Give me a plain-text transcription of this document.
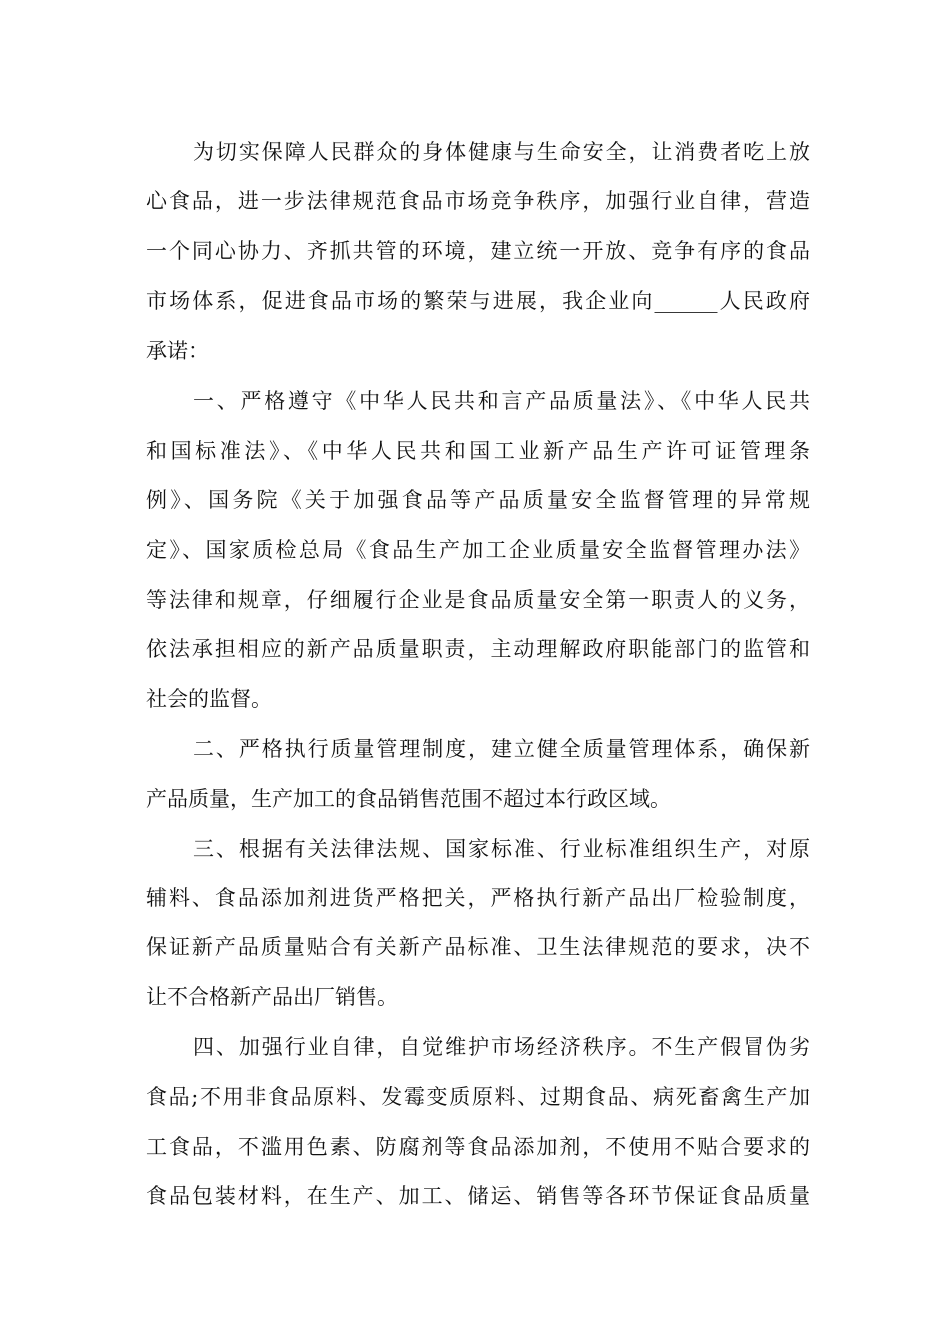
为切实保障人民群众的身体健康与生命安全，让消费者吃上放
心食品，进一步法律规范食品市场竞争秩序，加强行业自律，营造
一个同心协力、齐抓共管的环境，建立统一开放、竞争有序的食品
市场体系，促进食品市场的繁荣与进展，我企业向______人民政府
承诺：
一、严格遵守《中华人民共和言产品质量法》、《中华人民共
和国标准法》、《中华人民共和国工业新产品生产许可证管理条
例》、国务院《关于加强食品等产品质量安全监督管理的异常规
定》、国家质检总局《食品生产加工企业质量安全监督管理办法》
等法律和规章，仔细履行企业是食品质量安全第一职责人的义务，
依法承担相应的新产品质量职责，主动理解政府职能部门的监管和
社会的监督。
二、严格执行质量管理制度，建立健全质量管理体系，确保新
产品质量，生产加工的食品销售范围不超过本行政区域。
三、根据有关法律法规、国家标准、行业标准组织生产，对原
辅料、食品添加剂进货严格把关，严格执行新产品出厂检验制度，
保证新产品质量贴合有关新产品标准、卫生法律规范的要求，决不
让不合格新产品出厂销售。
四、加强行业自律，自觉维护市场经济秩序。不生产假冒伪劣
食品;不用非食品原料、发霉变质原料、过期食品、病死畜禽生产加
工食品，不滥用色素、防腐剂等食品添加剂，不使用不贴合要求的
食品包装材料，在生产、加工、储运、销售等各环节保证食品质量
